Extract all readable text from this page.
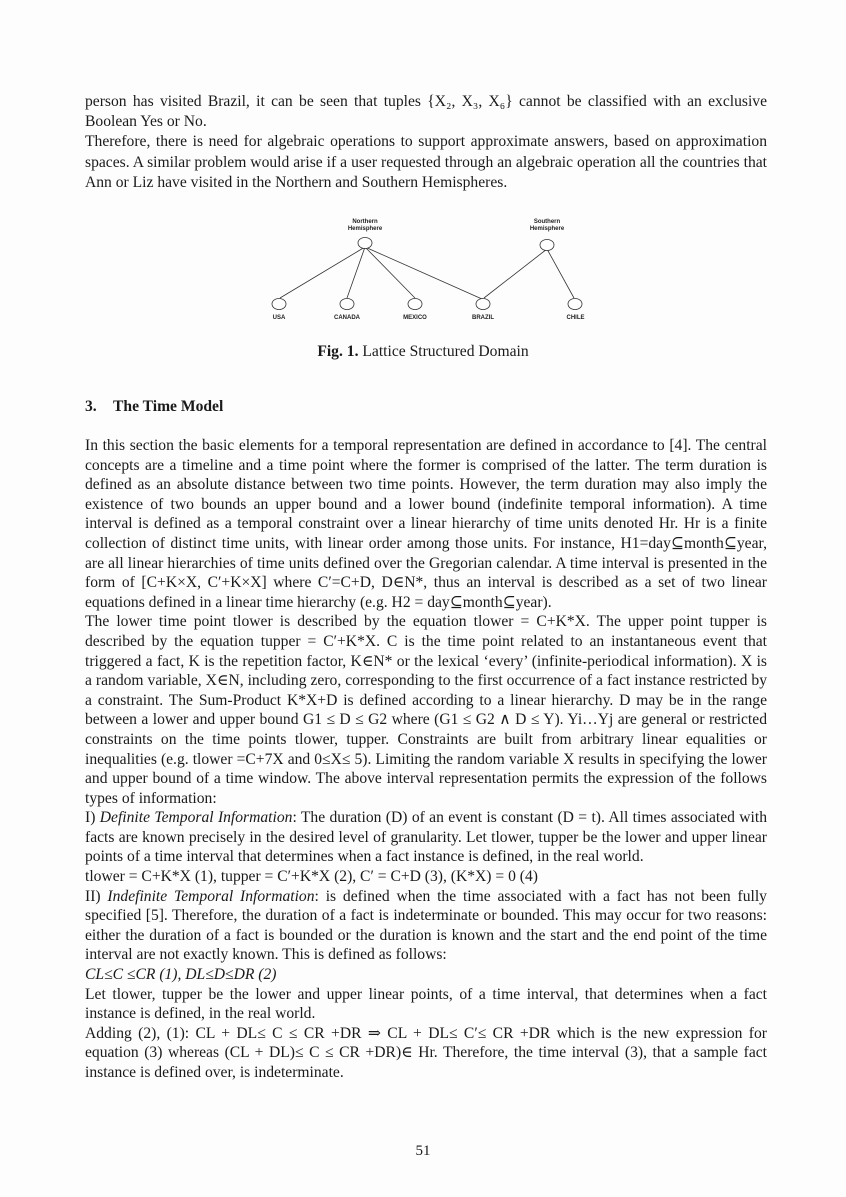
person has visited Brazil, it can be seen that tuples {X₂, X₃, X₆} cannot be classified with an exclusive Boolean Yes or No.

Therefore, there is need for algebraic operations to support approximate answers, based on approximation spaces. A similar problem would arise if a user requested through an algebraic operation all the countries that Ann or Liz have visited in the Northern and Southern Hemispheres.

Northern
Hemisphere
Southern
Hemisphere
USA	CANADA	MEXICO	BRAZIL	CHILE
Fig. 1. Lattice Structured Domain
3. The Time Model

In this section the basic elements for a temporal representation are defined in accordance to [4]. The central concepts are a timeline and a time point where the former is comprised of the latter. The term duration is defined as an absolute distance between two time points. However, the term duration may also imply the existence of two bounds an upper bound and a lower bound (indefinite temporal information). A time interval is defined as a temporal constraint over a linear hierarchy of time units denoted Hr. Hr is a finite collection of distinct time units, with linear order among those units. For instance, H1=day⊆month⊆year, are all linear hierarchies of time units defined over the Gregorian calendar. A time interval is presented in the form of [C+K×X, C′+K×X] where C′=C+D, D∈N*, thus an interval is described as a set of two linear equations defined in a linear time hierarchy (e.g. H2 = day⊆month⊆year).

The lower time point tlower is described by the equation tlower = C+K*X. The upper point tupper is described by the equation tupper = C′+K*X. C is the time point related to an instantaneous event that triggered a fact, K is the repetition factor, K∈N* or the lexical ‘every’ (infinite-periodical information). X is a random variable, X∈N, including zero, corresponding to the first occurrence of a fact instance restricted by a constraint. The Sum-Product K*X+D is defined according to a linear hierarchy. D may be in the range between a lower and upper bound G1 ≤ D ≤ G2 where (G1 ≤ G2 ∧ D ≤ Y). Yi…Yj are general or restricted constraints on the time points tlower, tupper. Constraints are built from arbitrary linear equalities or inequalities (e.g. tlower =C+7X and 0≤X≤ 5). Limiting the random variable X results in specifying the lower and upper bound of a time window. The above interval representation permits the expression of the follows types of information:

I) Definite Temporal Information: The duration (D) of an event is constant (D = t). All times associated with facts are known precisely in the desired level of granularity. Let tlower, tupper be the lower and upper linear points of a time interval that determines when a fact instance is defined, in the real world.

tlower = C+K*X (1), tupper = C′+K*X (2), C′ = C+D (3), (K*X) = 0 (4)

II) Indefinite Temporal Information: is defined when the time associated with a fact has not been fully specified [5]. Therefore, the duration of a fact is indeterminate or bounded. This may occur for two reasons: either the duration of a fact is bounded or the duration is known and the start and the end point of the time interval are not exactly known. This is defined as follows:

CL≤C ≤CR (1), DL≤D≤DR (2)

Let tlower, tupper be the lower and upper linear points, of a time interval, that determines when a fact instance is defined, in the real world.

Adding (2), (1): CL + DL≤ C ≤ CR +DR ⇒ CL + DL≤ C′≤ CR +DR which is the new expression for equation (3) whereas (CL + DL)≤ C ≤ CR +DR)∈ Hr. Therefore, the time interval (3), that a sample fact instance is defined over, is indeterminate.

51
